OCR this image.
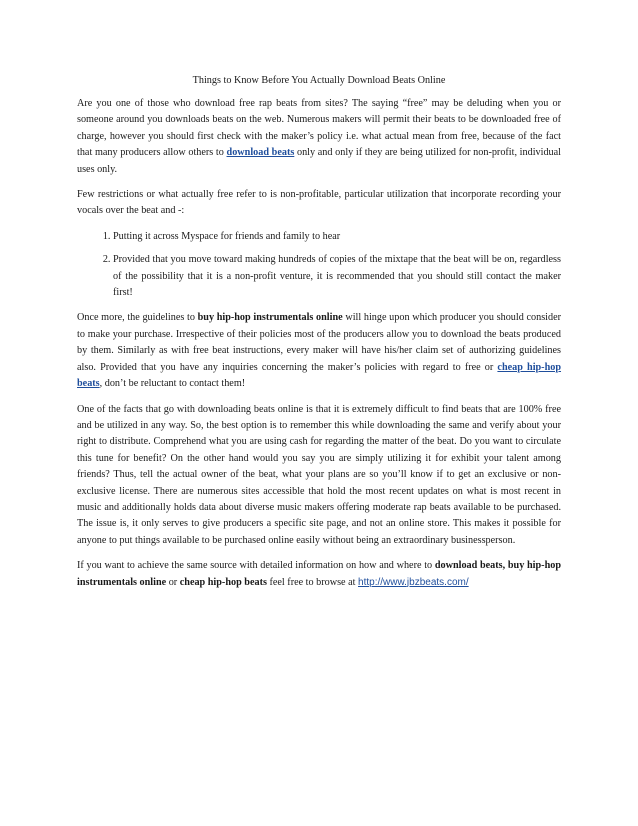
Things to Know Before You Actually Download Beats Online

Are you one of those who download free rap beats from sites? The saying “free” may be deluding when you or someone around you downloads beats on the web. Numerous makers will permit their beats to be downloaded free of charge, however you should first check with the maker’s policy i.e. what actual mean from free, because of the fact that many producers allow others to download beats only and only if they are being utilized for non-profit, individual uses only.

Few restrictions or what actually free refer to is non-profitable, particular utilization that incorporate recording your vocals over the beat and -:

1. Putting it across Myspace for friends and family to hear
2. Provided that you move toward making hundreds of copies of the mixtape that the beat will be on, regardless of the possibility that it is a non-profit venture, it is recommended that you should still contact the maker first!

Once more, the guidelines to buy hip-hop instrumentals online will hinge upon which producer you should consider to make your purchase. Irrespective of their policies most of the producers allow you to download the beats produced by them. Similarly as with free beat instructions, every maker will have his/her claim set of authorizing guidelines also. Provided that you have any inquiries concerning the maker’s policies with regard to free or cheap hip-hop beats, don’t be reluctant to contact them!

One of the facts that go with downloading beats online is that it is extremely difficult to find beats that are 100% free and be utilized in any way. So, the best option is to remember this while downloading the same and verify about your right to distribute. Comprehend what you are using cash for regarding the matter of the beat. Do you want to circulate this tune for benefit? On the other hand would you say you are simply utilizing it for exhibit your talent among friends? Thus, tell the actual owner of the beat, what your plans are so you’ll know if to get an exclusive or non-exclusive license. There are numerous sites accessible that hold the most recent updates on what is most recent in music and additionally holds data about diverse music makers offering moderate rap beats available to be purchased. The issue is, it only serves to give producers a specific site page, and not an online store. This makes it possible for anyone to put things available to be purchased online easily without being an extraordinary businessperson.

If you want to achieve the same source with detailed information on how and where to download beats, buy hip-hop instrumentals online or cheap hip-hop beats feel free to browse at http://www.jbzbeats.com/
